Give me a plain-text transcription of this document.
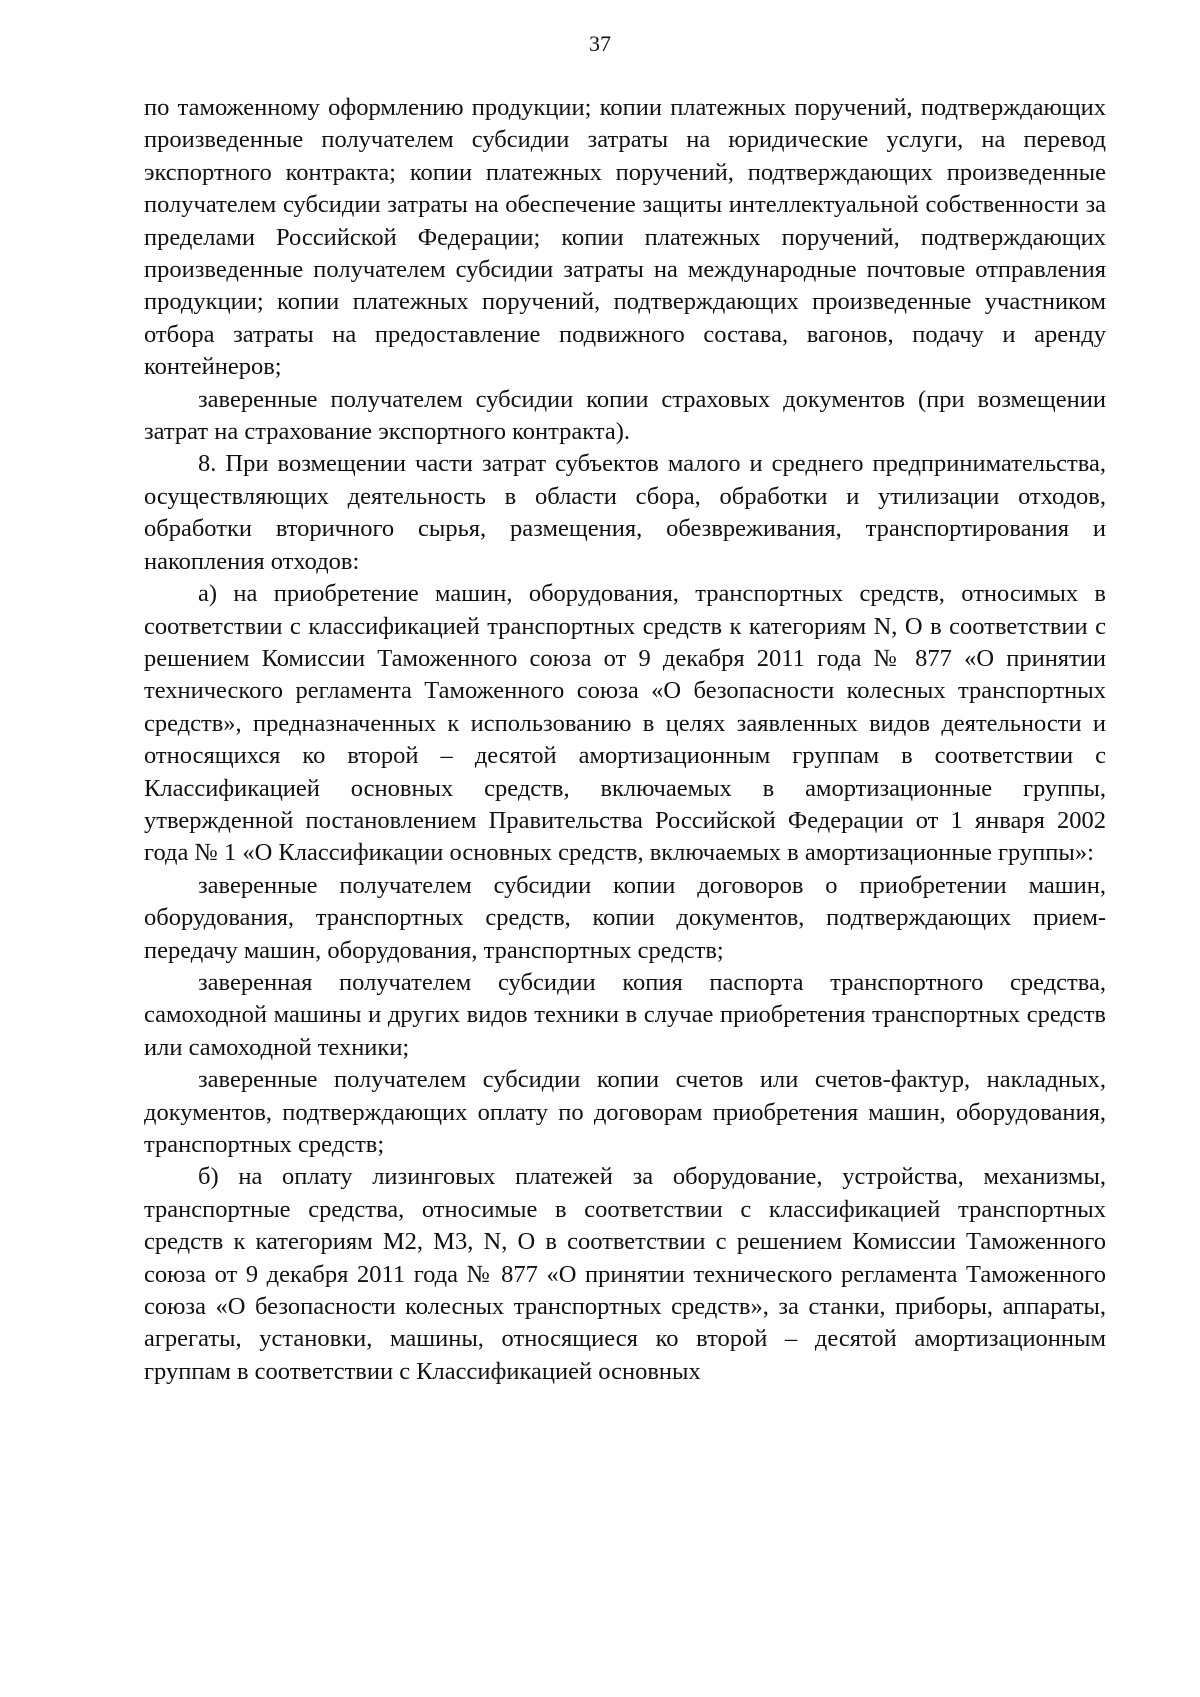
37

по таможенному оформлению продукции; копии платежных поручений, подтверждающих произведенные получателем субсидии затраты на юридические услуги, на перевод экспортного контракта; копии платежных поручений, подтверждающих произведенные получателем субсидии затраты на обеспечение защиты интеллектуальной собственности за пределами Российской Федерации; копии платежных поручений, подтверждающих произведенные получателем субсидии затраты на международные почтовые отправления продукции; копии платежных поручений, подтверждающих произведенные участником отбора затраты на предоставление подвижного состава, вагонов, подачу и аренду контейнеров;

заверенные получателем субсидии копии страховых документов (при возмещении затрат на страхование экспортного контракта).

8. При возмещении части затрат субъектов малого и среднего предпринимательства, осуществляющих деятельность в области сбора, обработки и утилизации отходов, обработки вторичного сырья, размещения, обезвреживания, транспортирования и накопления отходов:

а) на приобретение машин, оборудования, транспортных средств, относимых в соответствии с классификацией транспортных средств к категориям N, O в соответствии с решением Комиссии Таможенного союза от 9 декабря 2011 года № 877 «О принятии технического регламента Таможенного союза «О безопасности колесных транспортных средств», предназначенных к использованию в целях заявленных видов деятельности и относящихся ко второй – десятой амортизационным группам в соответствии с Классификацией основных средств, включаемых в амортизационные группы, утвержденной постановлением Правительства Российской Федерации от 1 января 2002 года № 1 «О Классификации основных средств, включаемых в амортизационные группы»:

заверенные получателем субсидии копии договоров о приобретении машин, оборудования, транспортных средств, копии документов, подтверждающих прием-передачу машин, оборудования, транспортных средств;

заверенная получателем субсидии копия паспорта транспортного средства, самоходной машины и других видов техники в случае приобретения транспортных средств или самоходной техники;

заверенные получателем субсидии копии счетов или счетов-фактур, накладных, документов, подтверждающих оплату по договорам приобретения машин, оборудования, транспортных средств;

б) на оплату лизинговых платежей за оборудование, устройства, механизмы, транспортные средства, относимые в соответствии с классификацией транспортных средств к категориям M2, M3, N, O в соответствии с решением Комиссии Таможенного союза от 9 декабря 2011 года № 877 «О принятии технического регламента Таможенного союза «О безопасности колесных транспортных средств», за станки, приборы, аппараты, агрегаты, установки, машины, относящиеся ко второй – десятой амортизационным группам в соответствии с Классификацией основных
